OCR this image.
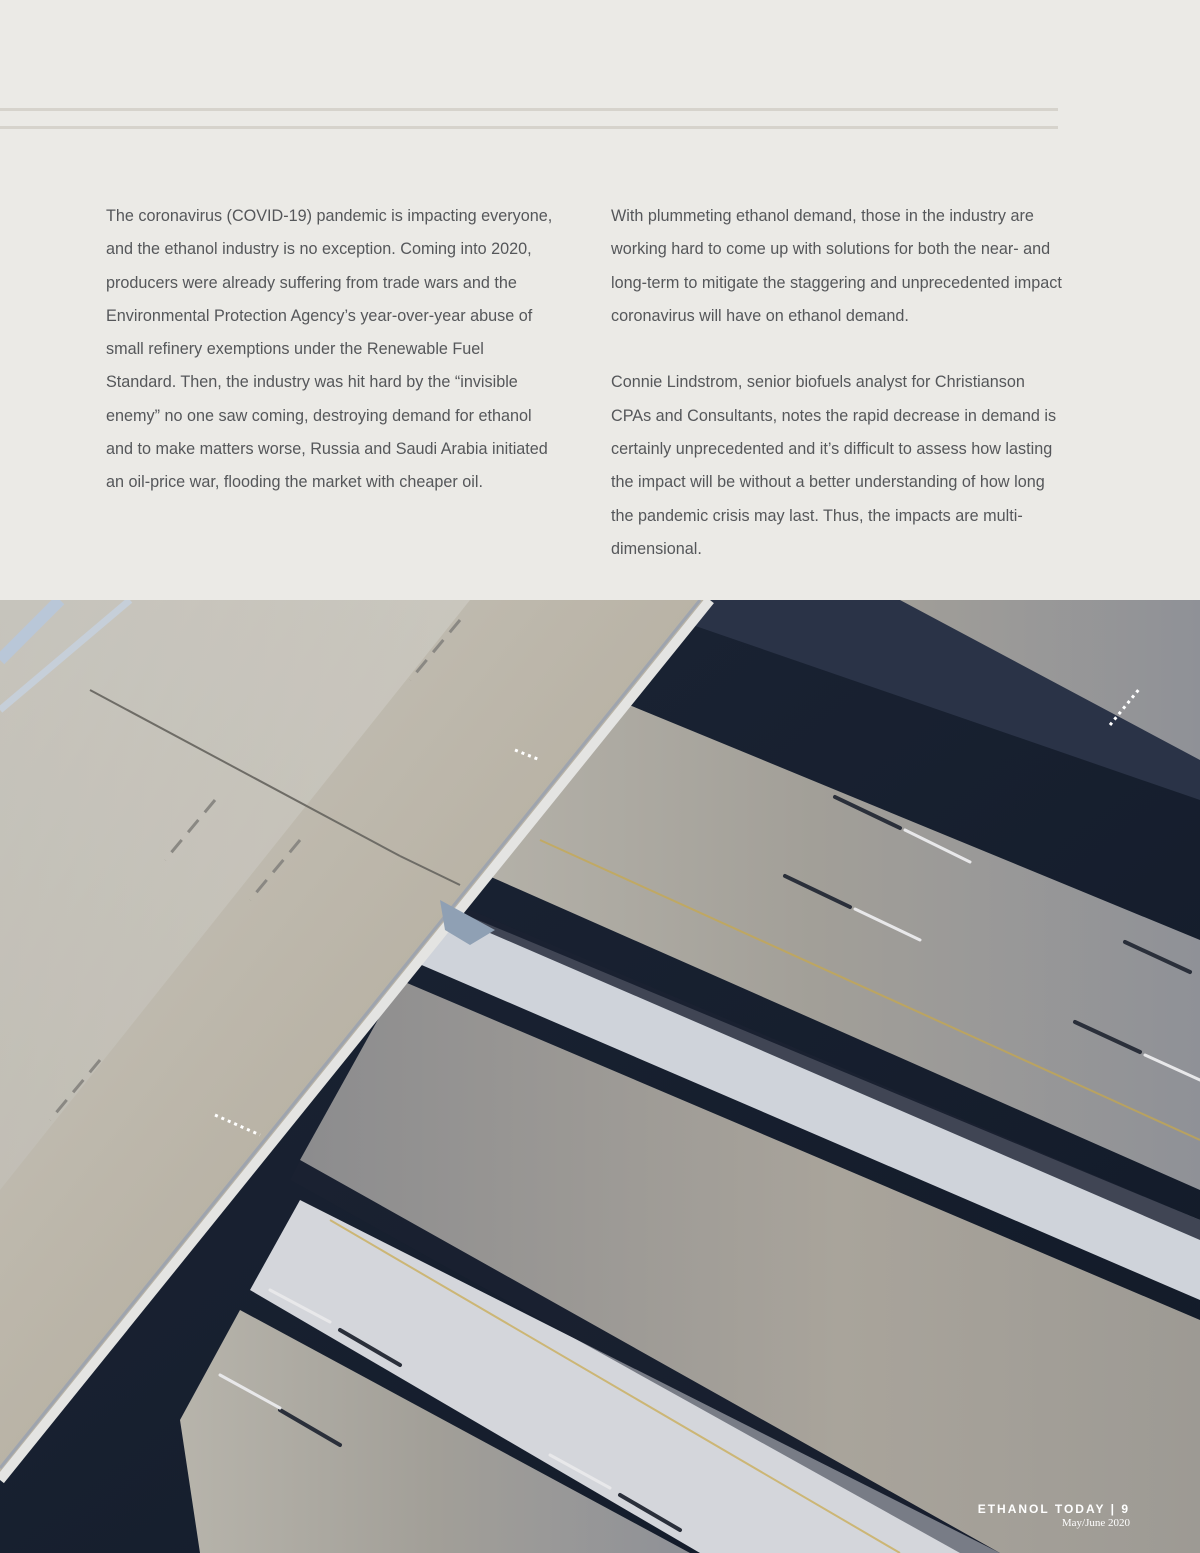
The coronavirus (COVID-19) pandemic is impacting everyone, and the ethanol industry is no exception. Coming into 2020, producers were already suffering from trade wars and the Environmental Protection Agency’s year-over-year abuse of small refinery exemptions under the Renewable Fuel Standard. Then, the industry was hit hard by the “invisible enemy” no one saw coming, destroying demand for ethanol and to make matters worse, Russia and Saudi Arabia initiated an oil-price war, flooding the market with cheaper oil.

With plummeting ethanol demand, those in the industry are working hard to come up with solutions for both the near- and long-term to mitigate the staggering and unprecedented impact coronavirus will have on ethanol demand.

Connie Lindstrom, senior biofuels analyst for Christianson CPAs and Consultants, notes the rapid decrease in demand is certainly unprecedented and it’s difficult to assess how lasting the impact will be without a better understanding of how long the pandemic crisis may last. Thus, the impacts are multi-dimensional.

ETHANOL TODAY | 9
May/June 2020
